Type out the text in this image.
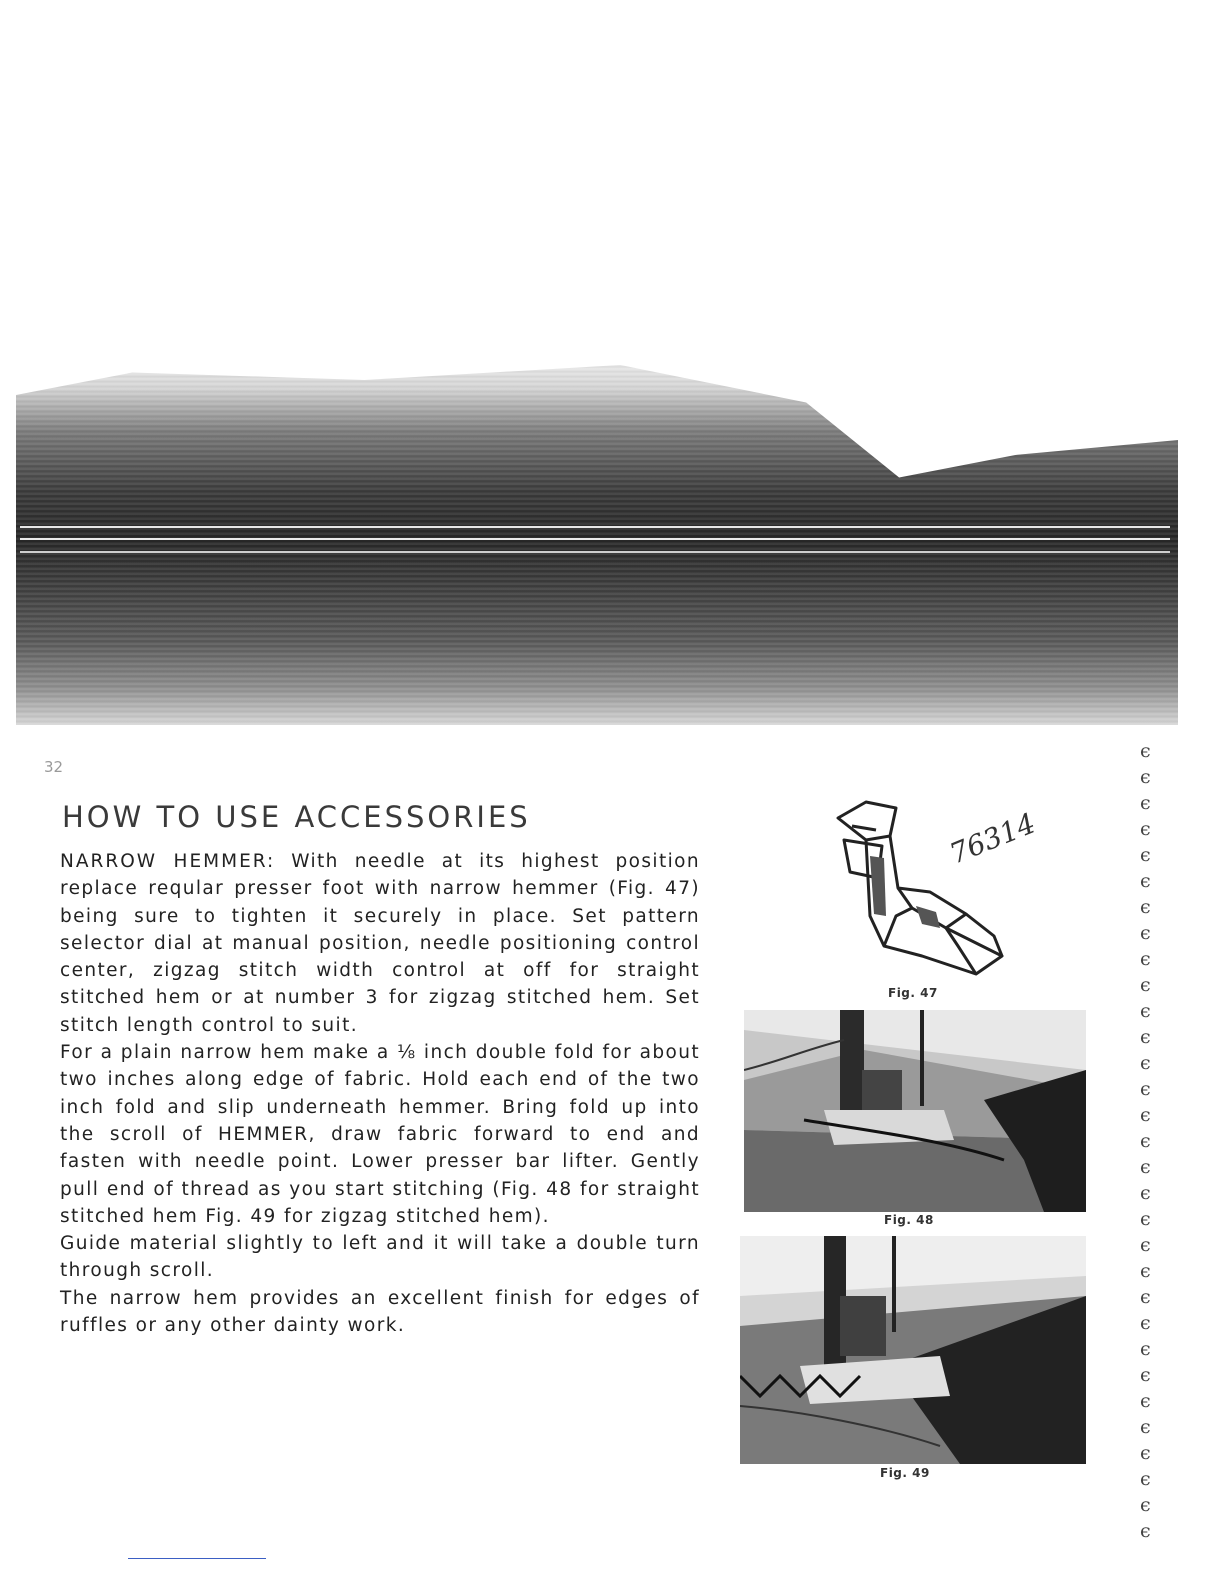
32
HOW TO USE ACCESSORIES

NARROW HEMMER: With needle at its highest position replace reqular presser foot with narrow hemmer (Fig. 47) being sure to tighten it securely in place. Set pattern selector dial at manual position, needle positioning control center, zigzag stitch width control at off for straight stitched hem or at number 3 for zigzag stitched hem. Set stitch length control to suit.

For a plain narrow hem make a ⅛ inch double fold for about two inches along edge of fabric. Hold each end of the two inch fold and slip underneath hemmer. Bring fold up into the scroll of HEMMER, draw fabric forward to end and fasten with needle point. Lower presser bar lifter. Gently pull end of thread as you start stitching (Fig. 48 for straight stitched hem Fig. 49 for zigzag stitched hem).

Guide material slightly to left and it will take a double turn through scroll.

The narrow hem provides an excellent finish for edges of ruffles or any other dainty work.

Fig. 47
76314
Fig. 48
Fig. 49
є
є
є
є
є
є
є
є
є
є
є
є
є
є
є
є
є
є
є
є
є
є
є
є
є
є
є
є
є
є
є
